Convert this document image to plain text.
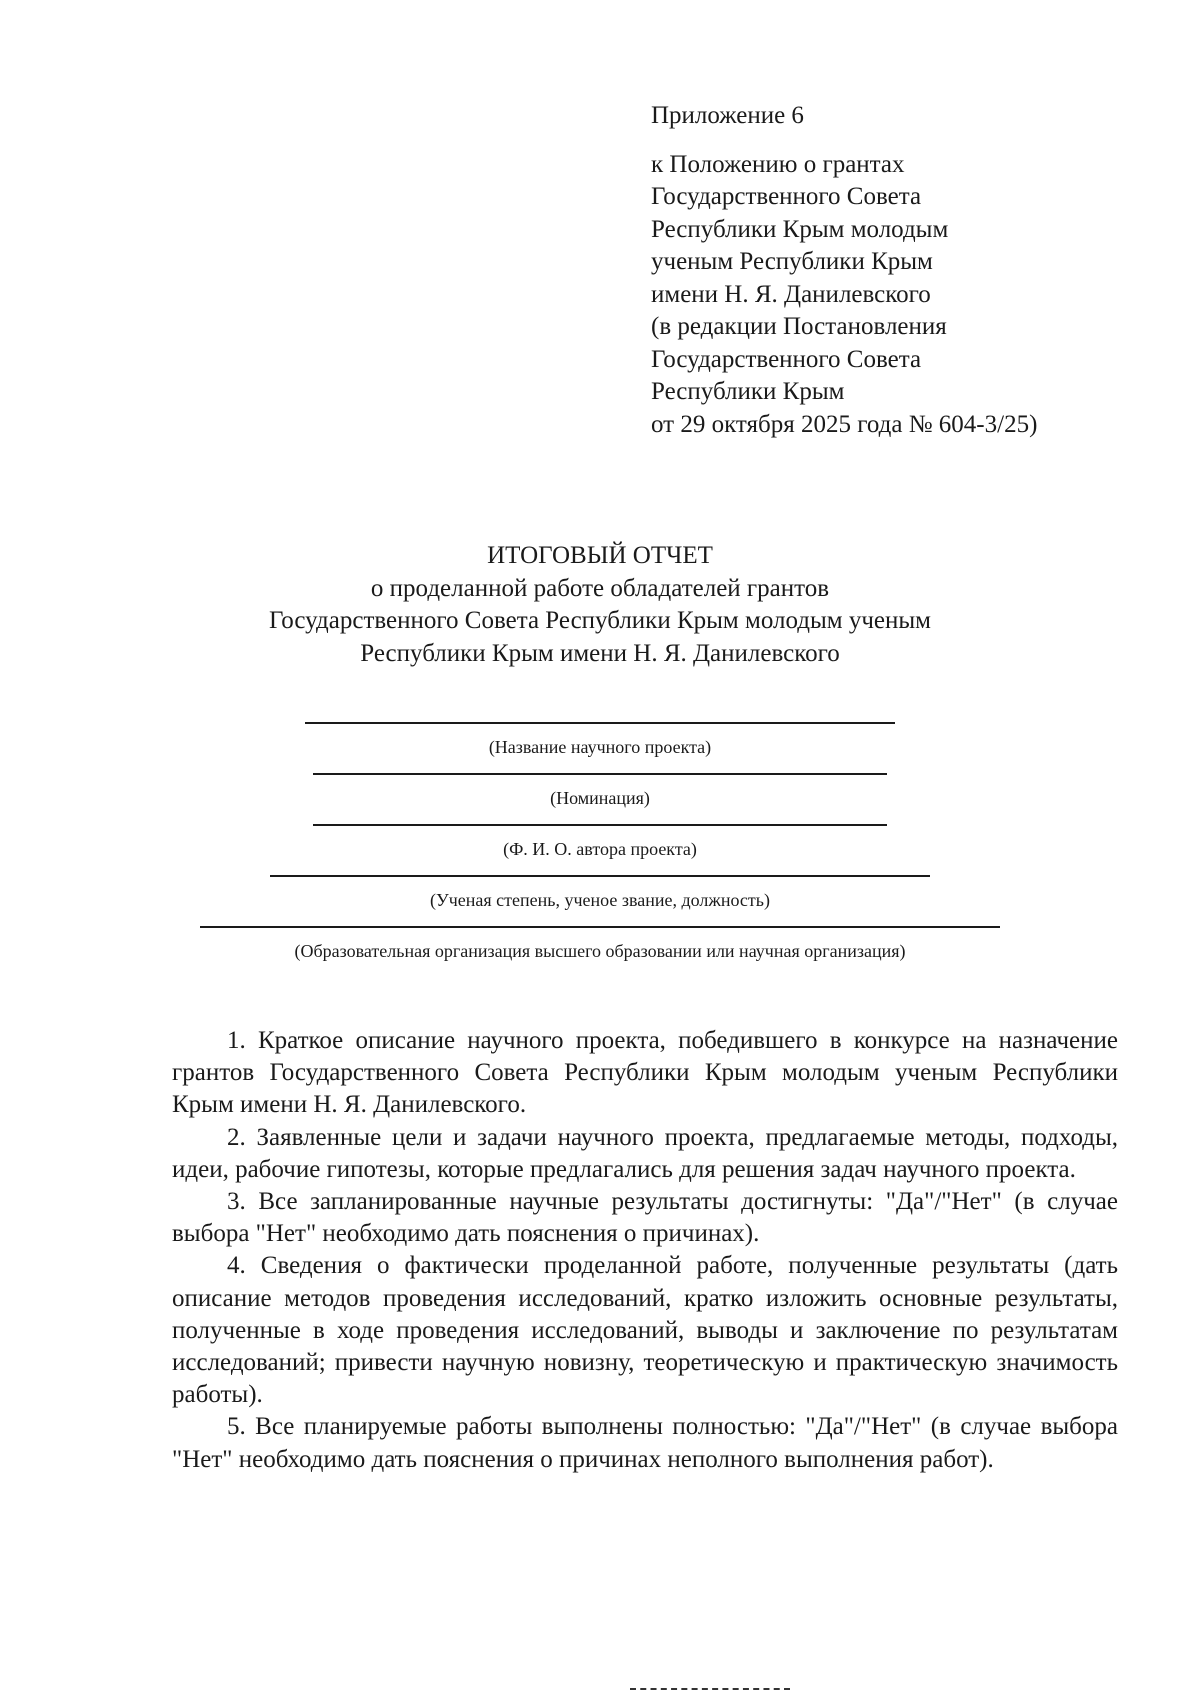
Приложение 6
к Положению о грантах
Государственного Совета
Республики Крым молодым
ученым Республики Крым
имени Н. Я. Данилевского
(в редакции Постановления
Государственного Совета
Республики Крым
от 29 октября 2025 года № 604-3/25)
ИТОГОВЫЙ ОТЧЕТ
о проделанной работе обладателей грантов
Государственного Совета Республики Крым молодым ученым
Республики Крым имени Н. Я. Данилевского
(Название научного проекта)
(Номинация)
(Ф. И. О. автора проекта)
(Ученая степень, ученое звание, должность)
(Образовательная организация высшего образовании или научная организация)

1. Краткое описание научного проекта, победившего в конкурсе на назначение грантов Государственного Совета Республики Крым молодым ученым Республики Крым имени Н. Я. Данилевского.

2. Заявленные цели и задачи научного проекта, предлагаемые методы, подходы, идеи, рабочие гипотезы, которые предлагались для решения задач научного проекта.

3. Все запланированные научные результаты достигнуты: "Да"/"Нет" (в случае выбора "Нет" необходимо дать пояснения о причинах).

4. Сведения о фактически проделанной работе, полученные результаты (дать описание методов проведения исследований, кратко изложить основные результаты, полученные в ходе проведения исследований, выводы и заключение по результатам исследований; привести научную новизну, теоретическую и практическую значимость работы).

5. Все планируемые работы выполнены полностью: "Да"/"Нет" (в случае выбора "Нет" необходимо дать пояснения о причинах неполного выполнения работ).
